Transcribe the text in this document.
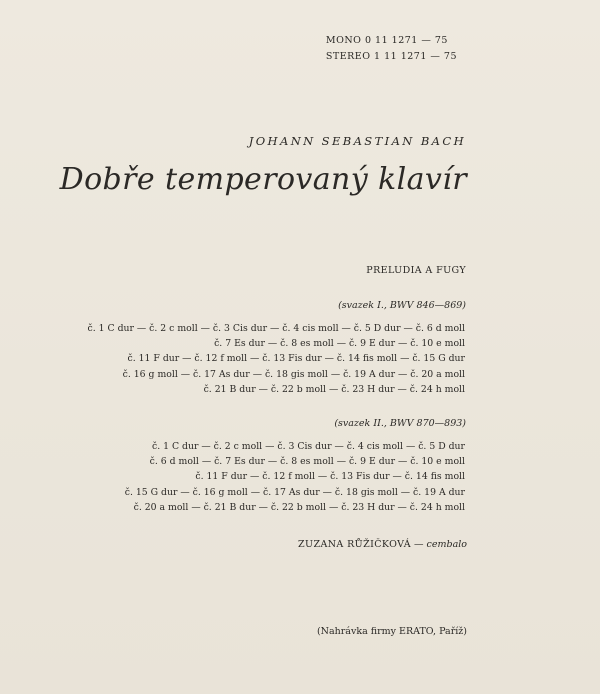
MONO 0 11 1271 — 75
STEREO 1 11 1271 — 75
JOHANN SEBASTIAN BACH
Dobře temperovaný klavír
PRELUDIA A FUGY
(svazek I., BWV 846—869)
č. 1 C dur — č. 2 c moll — č. 3 Cis dur — č. 4 cis moll — č. 5 D dur — č. 6 d moll
č. 7 Es dur — č. 8 es moll — č. 9 E dur — č. 10 e moll
č. 11 F dur — č. 12 f moll — č. 13 Fis dur — č. 14 fis moll — č. 15 G dur
č. 16 g moll — č. 17 As dur — č. 18 gis moll — č. 19 A dur — č. 20 a moll
č. 21 B dur — č. 22 b moll — č. 23 H dur — č. 24 h moll
(svazek II., BWV 870—893)
č. 1 C dur — č. 2 c moll — č. 3 Cis dur — č. 4 cis moll — č. 5 D dur
č. 6 d moll — č. 7 Es dur — č. 8 es moll — č. 9 E dur — č. 10 e moll
č. 11 F dur — č. 12 f moll — č. 13 Fis dur — č. 14 fis moll
č. 15 G dur — č. 16 g moll — č. 17 As dur — č. 18 gis moll — č. 19 A dur
č. 20 a moll — č. 21 B dur — č. 22 b moll — č. 23 H dur — č. 24 h moll
ZUZANA RŮŽIČKOVÁ — cembalo
(Nahrávka firmy ERATO, Paříž)
